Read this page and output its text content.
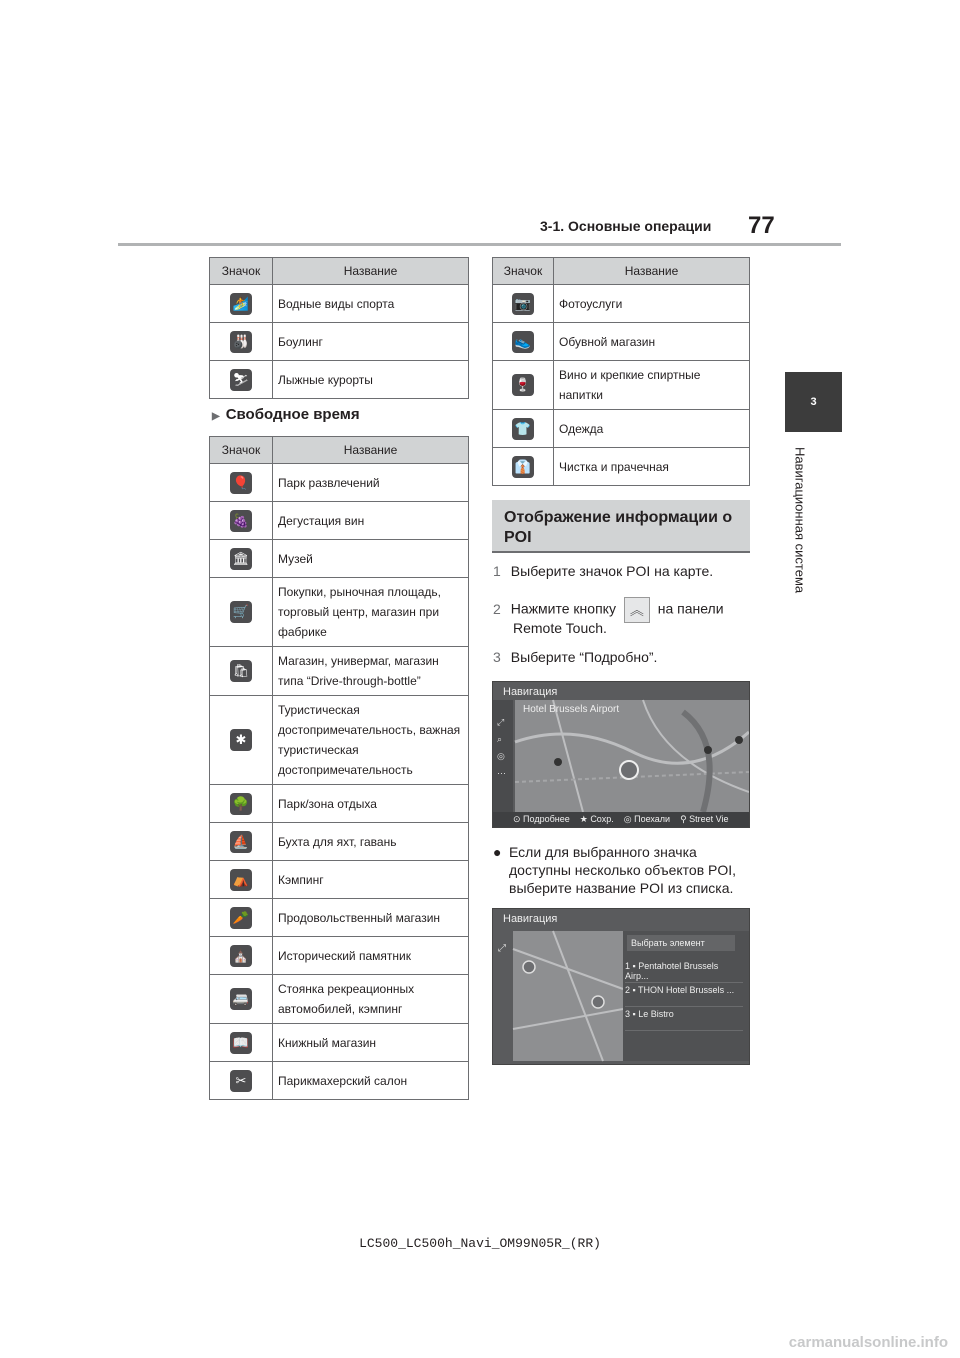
3-1. Основные операции 77
3
Навигационная система
Значок	Название
🏄	Водные виды спорта
🎳	Боулинг
⛷	Лыжные курорты
▶ Свободное время
Значок	Название
🎈	Парк развлечений
🍇	Дегустация вин
🏛	Музей
🛒	Покупки, рыночная площадь, торговый центр, магазин при фабрике
🛍	Магазин, универмаг, магазин типа “Drive-through-bottle”
✱	Туристическая достопримечательность, важная туристическая достопримечательность
🌳	Парк/зона отдыха
⛵	Бухта для яхт, гавань
⛺	Кэмпинг
🥕	Продовольственный магазин
⛪	Исторический памятник
🚐	Стоянка рекреационных автомобилей, кэмпинг
📖	Книжный магазин
✂	Парикмахерский салон
Значок	Название
📷	Фотоуслуги
👟	Обувной магазин
🍷	Вино и крепкие спиртные напитки
👕	Одежда
👔	Чистка и прачечная
Отображение информации о POI
1 Выберите значок POI на карте.
2 Нажмите кнопку ︽ на панели
Remote Touch.
3 Выберите “Подробно”.
Навигация
Hotel Brussels Airport
⤢
⌕
◎
⋯
⊙ Подробнее ★ Сохр. ◎ Поехали ⚲ Street Vie
● Если для выбранного значка доступны несколько объектов POI, выберите название POI из списка.
Навигация
⤢	Выбрать элемент
1 ▪ Pentahotel Brussels Airp...
2 ▪ THON Hotel Brussels ...
3 ▪ Le Bistro
LC500_LC500h_Navi_OM99N05R_(RR)
carmanualsonline.info
